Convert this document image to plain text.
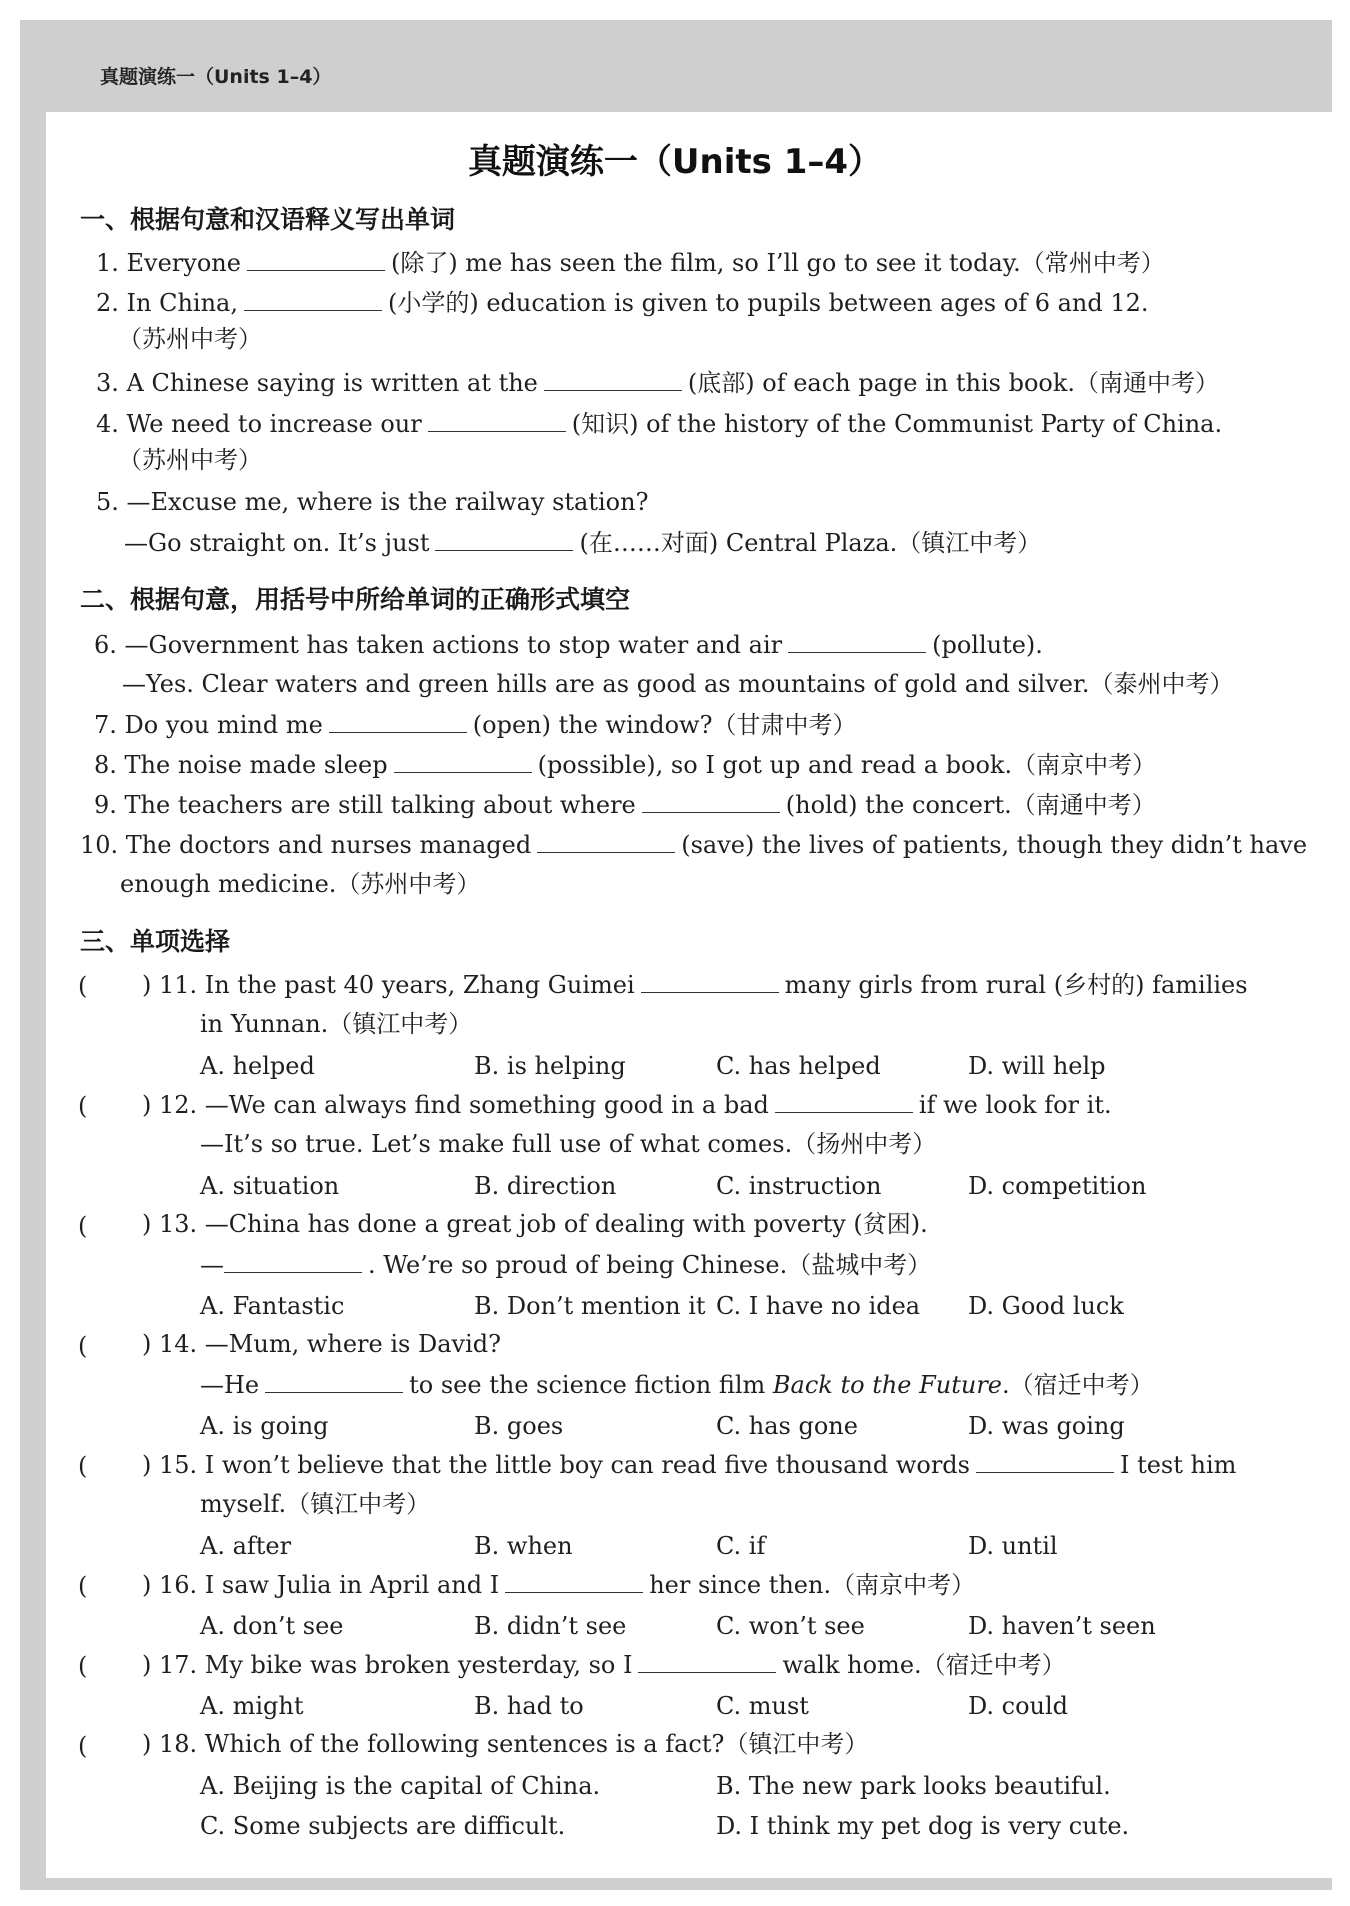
真题演练一（Units 1–4）
真题演练一（Units 1–4）
一、根据句意和汉语释义写出单词
1. Everyone	(除了) me has seen the film, so I’ll go to see it today.（常州中考）
2. In China,	(小学的) education is given to pupils between ages of 6 and 12.
（苏州中考）
3. A Chinese saying is written at the	(底部) of each page in this book.（南通中考）
4. We need to increase our	(知识) of the history of the Communist Party of China.
（苏州中考）
5. —Excuse me, where is the railway station?
—Go straight on. It’s just	(在……对面) Central Plaza.（镇江中考）
二、根据句意，用括号中所给单词的正确形式填空
6. —Government has taken actions to stop water and air	(pollute).
—Yes. Clear waters and green hills are as good as mountains of gold and silver.（泰州中考）
7. Do you mind me	(open) the window?（甘肃中考）
8. The noise made sleep	(possible), so I got up and read a book.（南京中考）
9. The teachers are still talking about where	(hold) the concert.（南通中考）
10. The doctors and nurses managed	(save) the lives of patients, though they didn’t have
enough medicine.（苏州中考）
三、单项选择
( ) 11. In the past 40 years, Zhang Guimei	many girls from rural (乡村的) families
in Yunnan.（镇江中考）
A. helped	B. is helping	C. has helped	D. will help
( ) 12. —We can always find something good in a bad	if we look for it.
—It’s so true. Let’s make full use of what comes.（扬州中考）
A. situation	B. direction	C. instruction	D. competition
( ) 13. —China has done a great job of dealing with poverty (贫困).
—	. We’re so proud of being Chinese.（盐城中考）
A. Fantastic	B. Don’t mention it C. I have no idea D. Good luck
( ) 14. —Mum, where is David?
—He	to see the science fiction film Back to the Future.（宿迁中考）
A. is going	B. goes	C. has gone	D. was going
( ) 15. I won’t believe that the little boy can read five thousand words	I test him
myself.（镇江中考）
A. after	B. when	C. if	D. until
( ) 16. I saw Julia in April and I	her since then.（南京中考）
A. don’t see	B. didn’t see	C. won’t see	D. haven’t seen
( ) 17. My bike was broken yesterday, so I	walk home.（宿迁中考）
A. might	B. had to	C. must	D. could
( ) 18. Which of the following sentences is a fact?（镇江中考）
A. Beijing is the capital of China.	B. The new park looks beautiful.
C. Some subjects are difficult.	D. I think my pet dog is very cute.
